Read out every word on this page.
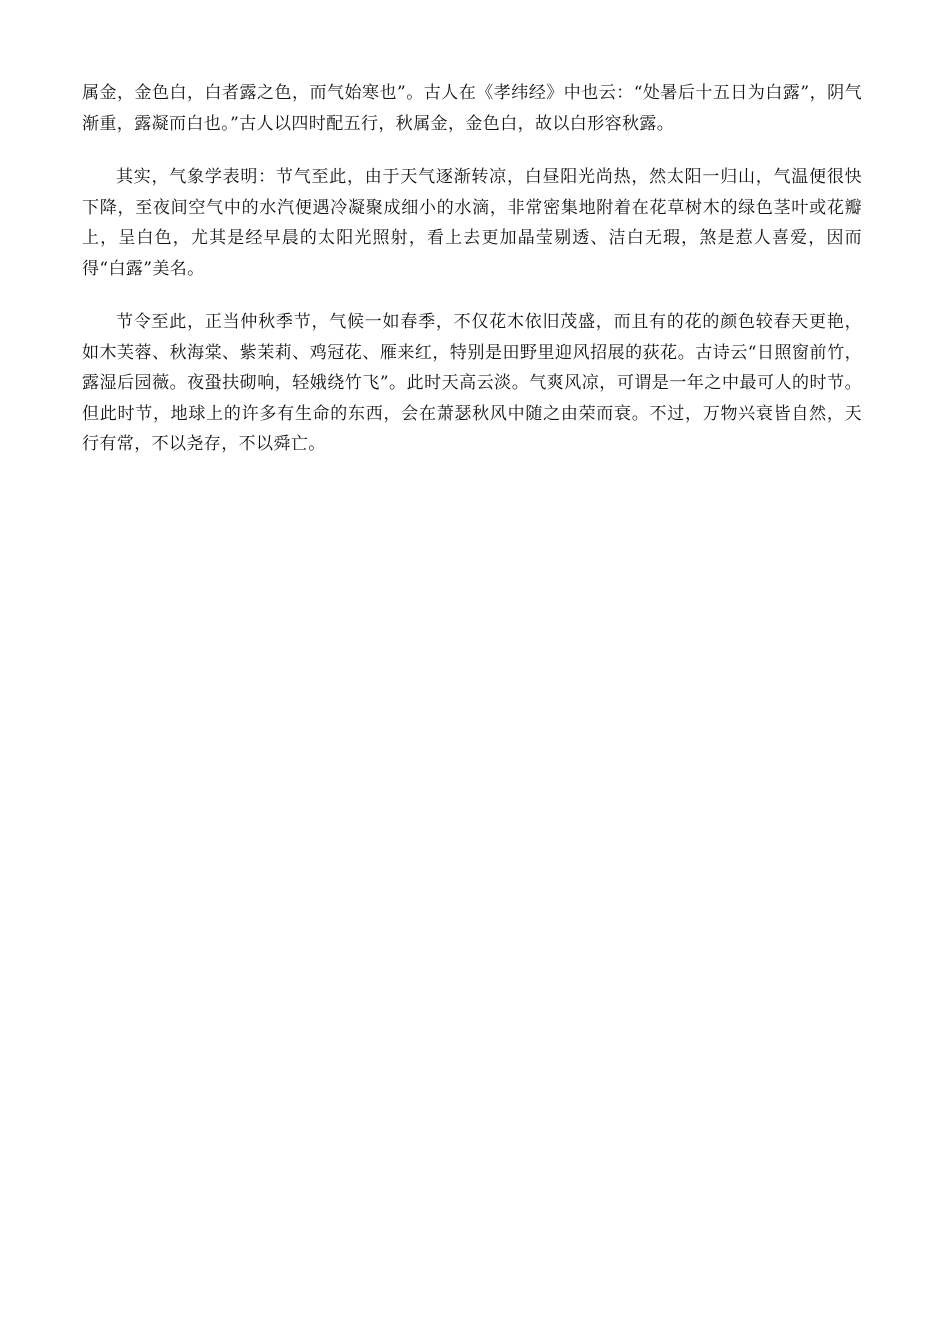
属金，金色白，白者露之色，而气始寒也”。古人在《孝纬经》中也云：“处暑后十五日为白露”，阴气渐重，露凝而白也。”古人以四时配五行，秋属金，金色白，故以白形容秋露。

其实，气象学表明：节气至此，由于天气逐渐转凉，白昼阳光尚热，然太阳一归山，气温便很快下降，至夜间空气中的水汽便遇冷凝聚成细小的水滴，非常密集地附着在花草树木的绿色茎叶或花瓣上，呈白色，尤其是经早晨的太阳光照射，看上去更加晶莹剔透、洁白无瑕，煞是惹人喜爱，因而得“白露”美名。

节令至此，正当仲秋季节，气候一如春季，不仅花木依旧茂盛，而且有的花的颜色较春天更艳，如木芙蓉、秋海棠、紫茉莉、鸡冠花、雁来红，特别是田野里迎风招展的荻花。古诗云“日照窗前竹，露湿后园薇。夜蛩扶砌响，轻娥绕竹飞”。此时天高云淡。气爽风凉，可谓是一年之中最可人的时节。但此时节，地球上的许多有生命的东西，会在萧瑟秋风中随之由荣而衰。不过，万物兴衰皆自然，天行有常，不以尧存，不以舜亡。
